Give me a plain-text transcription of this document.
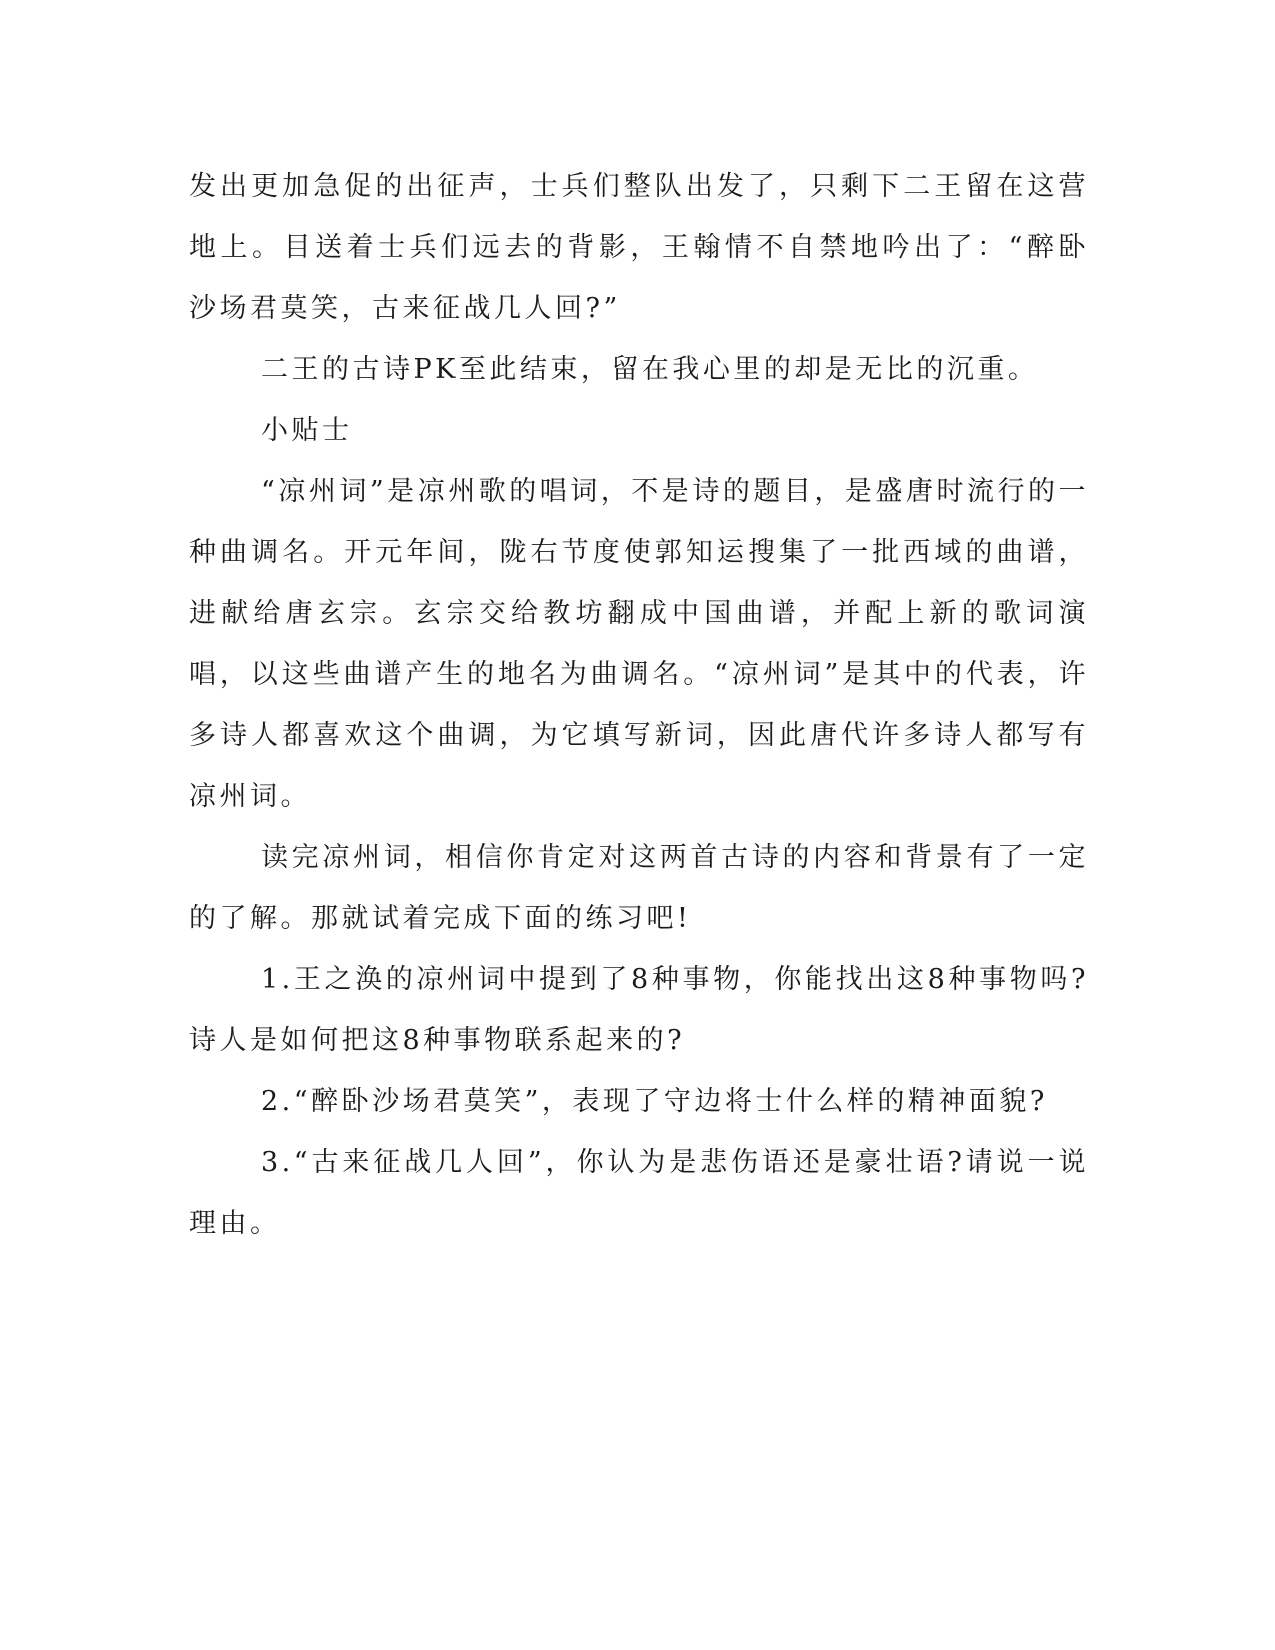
发出更加急促的出征声，士兵们整队出发了，只剩下二王留在这营地上。目送着士兵们远去的背影，王翰情不自禁地吟出了：“醉卧沙场君莫笑，古来征战几人回?”

二王的古诗PK至此结束，留在我心里的却是无比的沉重。

小贴士

“凉州词”是凉州歌的唱词，不是诗的题目，是盛唐时流行的一种曲调名。开元年间，陇右节度使郭知运搜集了一批西域的曲谱，进献给唐玄宗。玄宗交给教坊翻成中国曲谱，并配上新的歌词演唱，以这些曲谱产生的地名为曲调名。“凉州词”是其中的代表，许多诗人都喜欢这个曲调，为它填写新词，因此唐代许多诗人都写有凉州词。

读完凉州词，相信你肯定对这两首古诗的内容和背景有了一定的了解。那就试着完成下面的练习吧!

1.王之涣的凉州词中提到了8种事物，你能找出这8种事物吗?诗人是如何把这8种事物联系起来的?

2.“醉卧沙场君莫笑”，表现了守边将士什么样的精神面貌?

3.“古来征战几人回”，你认为是悲伤语还是豪壮语?请说一说理由。
